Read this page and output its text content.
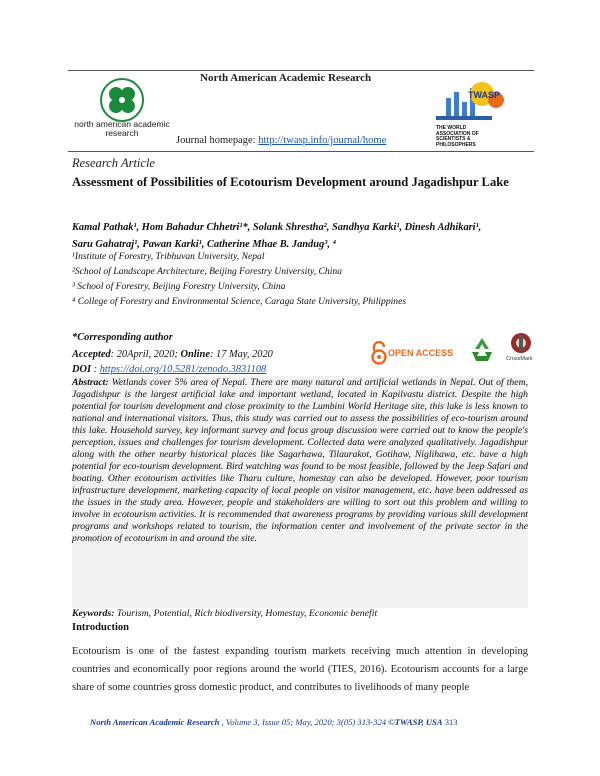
north american academic research
North American Academic Research
Journal homepage: http://twasp.info/journal/home
TWASP
THE WORLD ASSOCIATION OF SCIENTISTS & PHILOSOPHERS
Research Article
Assessment of Possibilities of Ecotourism Development around Jagadishpur Lake
Kamal Pathak¹, Hom Bahadur Chhetri¹*, Solank Shrestha², Sandhya Karki¹, Dinesh Adhikari¹,
Saru Gahatraj¹, Pawan Karki¹, Catherine Mhae B. Jandug³, ⁴
¹Institute of Forestry, Tribhuvan University, Nepal
²School of Landscape Architecture, Beijing Forestry University, China
³ School of Forestry, Beijing Forestry University, China
⁴ College of Forestry and Environmental Science, Caraga State University, Philippines
*Corresponding author
Accepted: 20April, 2020; Online: 17 May, 2020
DOI : https://doi.org/10.5281/zenodo.3831108
OPEN ACCESS
CrossMark
Abstract: Wetlands cover 5% area of Nepal. There are many natural and artificial wetlands in Nepal. Out of them, Jagadishpur is the largest artificial lake and important wetland, located in Kapilvastu district. Despite the high potential for tourism development and close proximity to the Lumbini World Heritage site, this lake is less known to national and international visitors. Thus, this study was carried out to assess the possibilities of eco-tourism around this lake. Household survey, key informant survey and focus group discussion were carried out to know the people's perception, issues and challenges for tourism development. Collected data were analyzed qualitatively. Jagadishpur along with the other nearby historical places like Sagarhawa, Tilaurakot, Gotihaw, Niglihawa, etc. have a high potential for eco-tourism development. Bird watching was found to be most feasible, followed by the Jeep Safari and boating. Other ecotourism activities like Tharu culture, homestay can also be developed. However, poor tourism infrastructure development, marketing capacity of local people on visitor management, etc. have been addressed as the issues in the study area. However, people and stakeholders are willing to sort out this problem and willing to involve in ecotourism activities. It is recommended that awareness programs by providing various skill development programs and workshops related to tourism, the information center and involvement of the private sector in the promotion of ecotourism in and around the site.
Keywords: Tourism, Potential, Rich biodiversity, Homestay, Economic benefit
Introduction
Ecotourism is one of the fastest expanding tourism markets receiving much attention in developing countries and economically poor regions around the world (TIES, 2016). Ecotourism accounts for a large share of some countries gross domestic product, and contributes to livelihoods of many people
North American Academic Research , Volume 3, Issue 05; May, 2020; 3(05) 313-324 ©TWASP, USA 313
